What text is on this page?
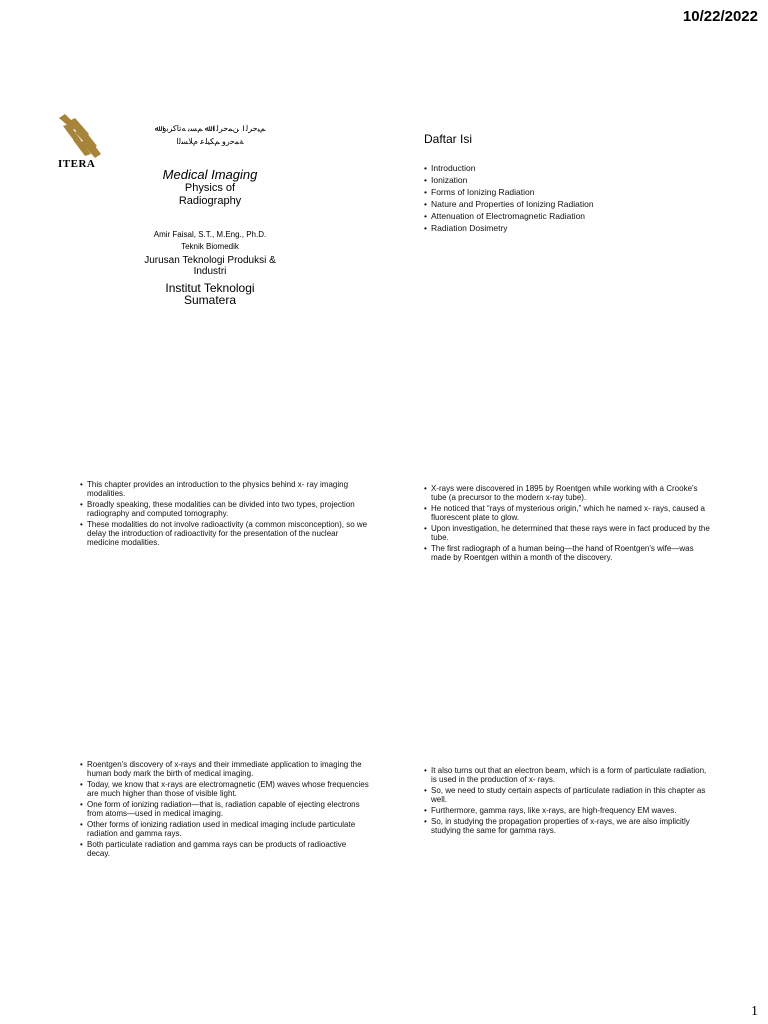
10/22/2022
ITERA
ﻢﯿﺣﺮﻟا ﻦﻤﺣﺮﻟا ﷲ ﻢﺴﺑ ﻪﺗﺎﻛﺮﺑو ﷲ
ﺔﻤﺣرو ﻢﻜﯿﻠﻋ مﻼﺴﻟا
Medical Imaging
Physics of
Radiography
Amir Faisal, S.T., M.Eng., Ph.D.
Teknik Biomedik
Jurusan Teknologi Produksi &
Industri
Institut Teknologi
Sumatera
Daftar Isi
• Introduction
• Ionization
• Forms of Ionizing Radiation
• Nature and Properties of Ionizing Radiation
• Attenuation of Electromagnetic Radiation
• Radiation Dosimetry
• This chapter provides an introduction to the physics behind x- ray imaging modalities.
• Broadly speaking, these modalities can be divided into two types, projection radiography and computed tomography.
• These modalities do not involve radioactivity (a common misconception), so we delay the introduction of radioactivity for the presentation of the nuclear medicine modalities.
• X-rays were discovered in 1895 by Roentgen while working with a Crooke's tube (a precursor to the modern x-ray tube).
• He noticed that “rays of mysterious origin,” which he named x- rays, caused a fluorescent plate to glow.
• Upon investigation, he determined that these rays were in fact produced by the tube.
• The first radiograph of a human being—the hand of Roentgen's wife—was made by Roentgen within a month of the discovery.
• Roentgen's discovery of x-rays and their immediate application to imaging the human body mark the birth of medical imaging.
• Today, we know that x-rays are electromagnetic (EM) waves whose frequencies are much higher than those of visible light.
• One form of ionizing radiation—that is, radiation capable of ejecting electrons from atoms—used in medical imaging.
• Other forms of ionizing radiation used in medical imaging include particulate radiation and gamma rays.
• Both particulate radiation and gamma rays can be products of radioactive decay.
• It also turns out that an electron beam, which is a form of particulate radiation, is used in the production of x- rays.
• So, we need to study certain aspects of particulate radiation in this chapter as well.
• Furthermore, gamma rays, like x-rays, are high-frequency EM waves.
• So, in studying the propagation properties of x-rays, we are also implicitly studying the same for gamma rays.
1
